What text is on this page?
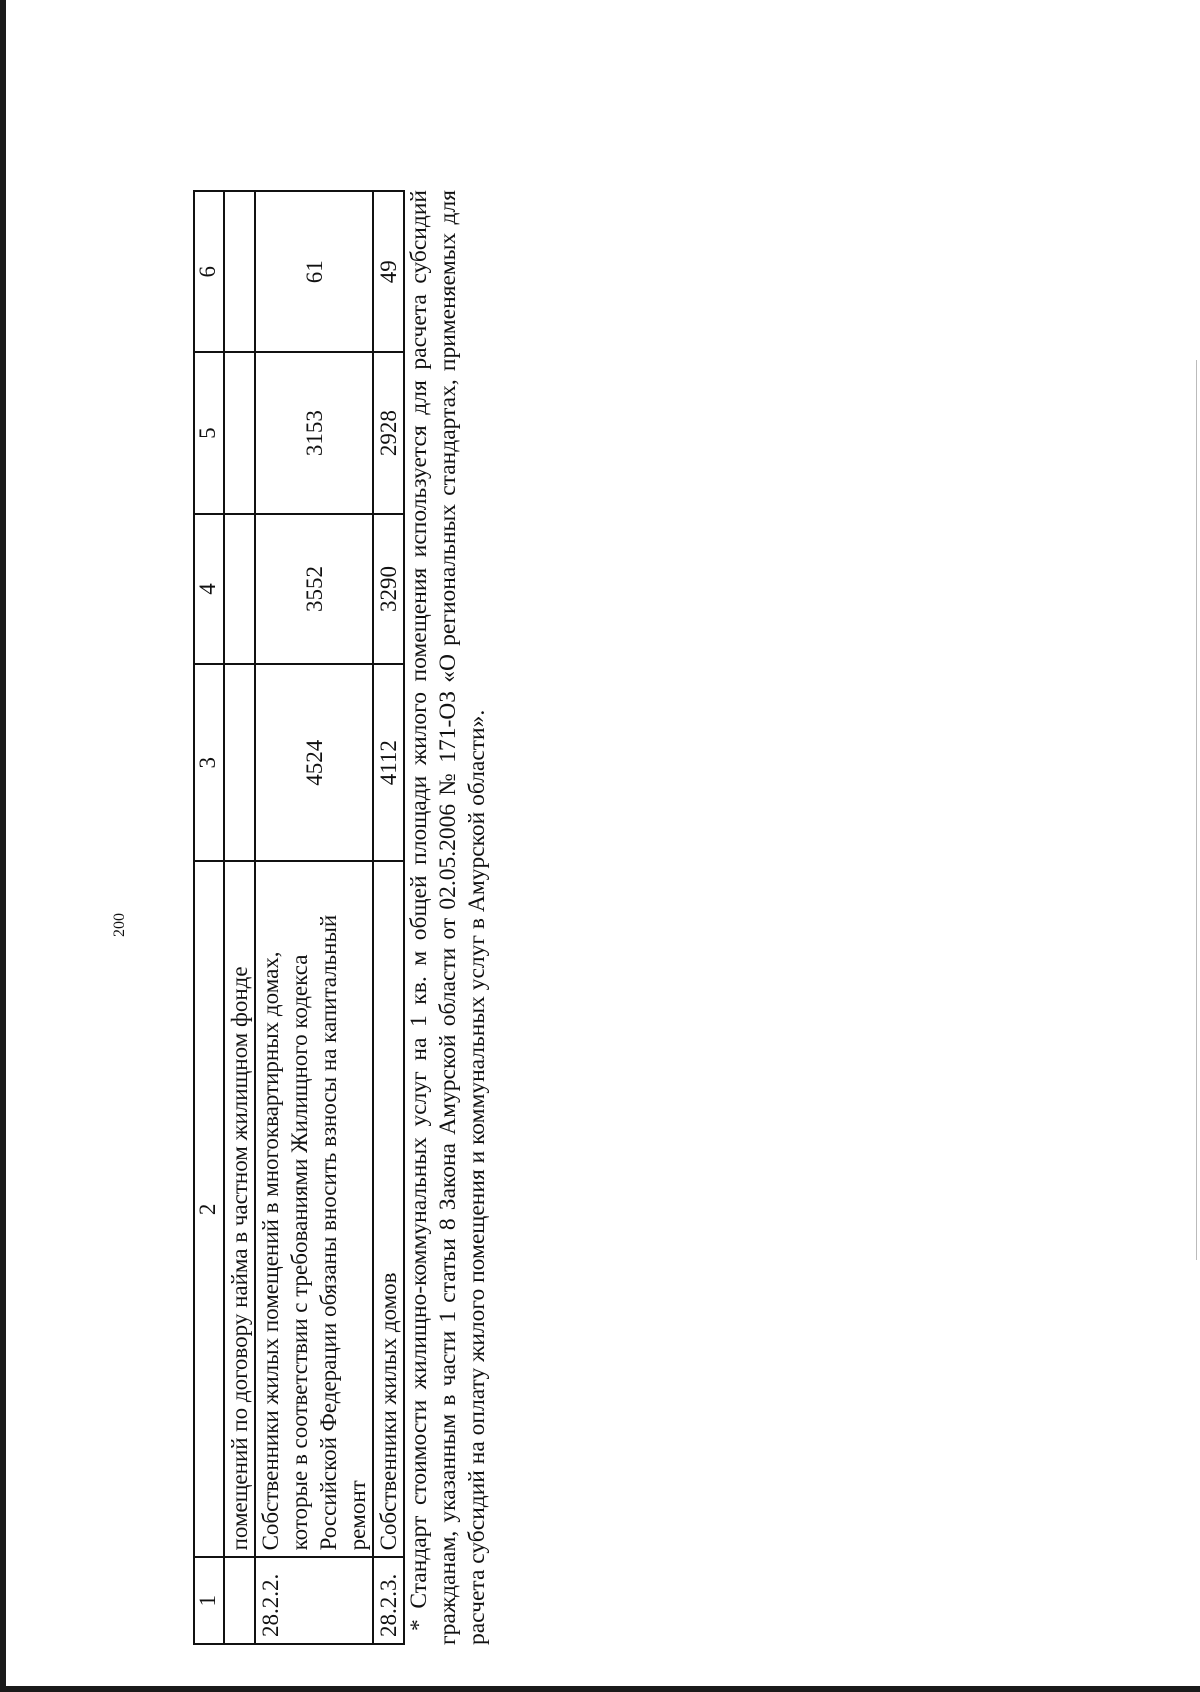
200
1	2	3	4	5	6
	помещений по договору найма в частном жилищном фонде				
28.2.2.	Собственники жилых помещений в многоквартирных домах, которые в соответствии с требованиями Жилищного кодекса Российской Федерации обязаны вносить взносы на капитальный ремонт	4524	3552	3153	61
28.2.3.	Собственники жилых домов	4112	3290	2928	49 * Стандарт стоимости жилищно-коммунальных услуг на 1 кв. м общей площади жилого помещения используется для расчета субсидий гражданам, указанным в части 1 статьи 8 Закона Амурской области от 02.05.2006 № 171-ОЗ «О региональных стандартах, применяемых для расчета субсидий на оплату жилого помещения и коммунальных услуг в Амурской области».
